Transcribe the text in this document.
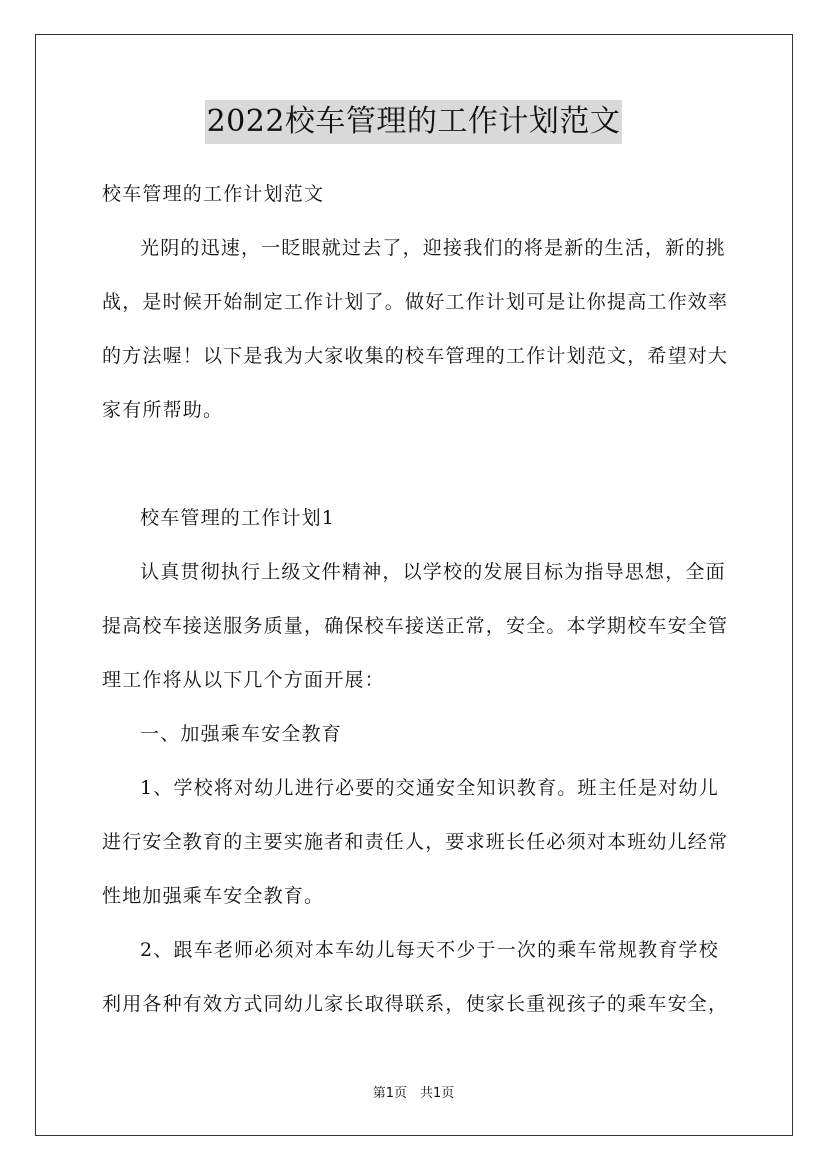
2022校车管理的工作计划范文

校车管理的工作计划范文

光阴的迅速，一眨眼就过去了，迎接我们的将是新的生活，新的挑战，是时候开始制定工作计划了。做好工作计划可是让你提高工作效率的方法喔！以下是我为大家收集的校车管理的工作计划范文，希望对大家有所帮助。

校车管理的工作计划1

认真贯彻执行上级文件精神，以学校的发展目标为指导思想，全面提高校车接送服务质量，确保校车接送正常，安全。本学期校车安全管理工作将从以下几个方面开展：

一、加强乘车安全教育

1、学校将对幼儿进行必要的交通安全知识教育。班主任是对幼儿进行安全教育的主要实施者和责任人，要求班长任必须对本班幼儿经常性地加强乘车安全教育。

2、跟车老师必须对本车幼儿每天不少于一次的乘车常规教育学校利用各种有效方式同幼儿家长取得联系，使家长重视孩子的乘车安全，

第1页　共1页
